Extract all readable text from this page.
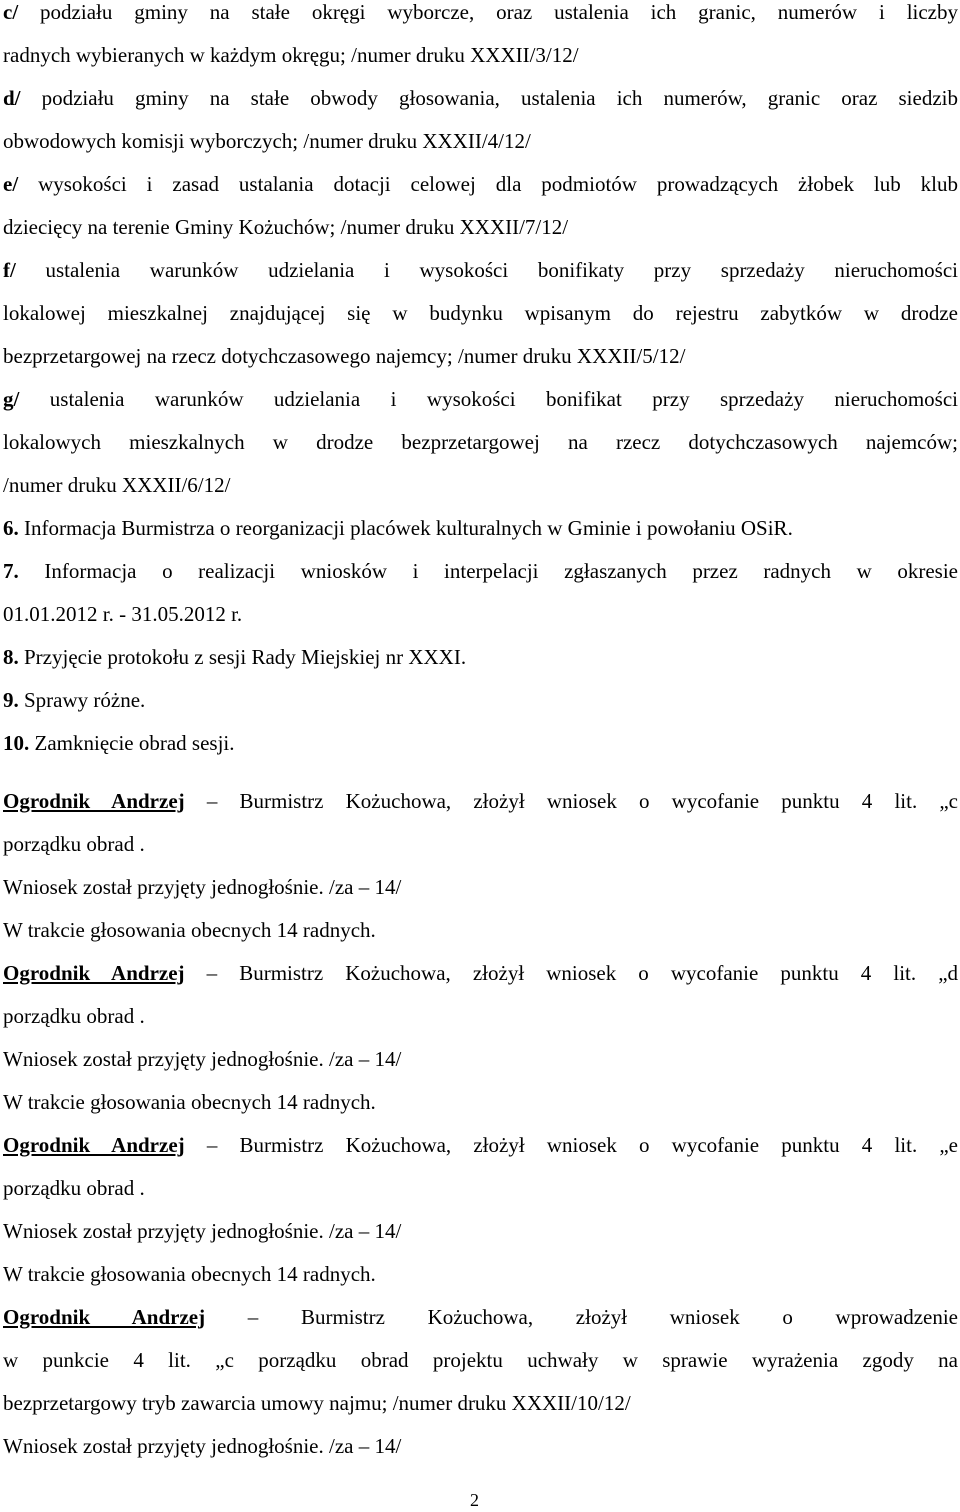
c/ podziału gminy na stałe okręgi wyborcze, oraz ustalenia ich granic, numerów i liczby
radnych wybieranych w każdym okręgu; /numer druku XXXII/3/12/
d/ podziału gminy na stałe obwody głosowania, ustalenia ich numerów, granic oraz siedzib
obwodowych komisji wyborczych; /numer druku XXXII/4/12/
e/ wysokości i zasad ustalania dotacji celowej dla podmiotów prowadzących żłobek lub klub
dziecięcy na terenie Gminy Kożuchów; /numer druku XXXII/7/12/
f/ ustalenia warunków udzielania i wysokości bonifikaty przy sprzedaży nieruchomości
lokalowej mieszkalnej znajdującej się w budynku wpisanym do rejestru zabytków w drodze
bezprzetargowej na rzecz dotychczasowego najemcy; /numer druku XXXII/5/12/
g/ ustalenia warunków udzielania i wysokości bonifikat przy sprzedaży nieruchomości
lokalowych mieszkalnych w drodze bezprzetargowej na rzecz dotychczasowych najemców;
/numer druku XXXII/6/12/
6. Informacja Burmistrza o reorganizacji placówek kulturalnych w Gminie i powołaniu OSiR.
7. Informacja o realizacji wniosków i interpelacji zgłaszanych przez radnych w okresie
01.01.2012 r. - 31.05.2012 r.
8. Przyjęcie protokołu z sesji Rady Miejskiej nr XXXI.
9. Sprawy różne.
10. Zamknięcie obrad sesji.
Ogrodnik Andrzej – Burmistrz Kożuchowa, złożył wniosek o wycofanie punktu 4 lit. „c
porządku obrad .
Wniosek został przyjęty jednogłośnie. /za – 14/
W trakcie głosowania obecnych 14 radnych.
Ogrodnik Andrzej – Burmistrz Kożuchowa, złożył wniosek o wycofanie punktu 4 lit. „d
porządku obrad .
Wniosek został przyjęty jednogłośnie. /za – 14/
W trakcie głosowania obecnych 14 radnych.
Ogrodnik Andrzej – Burmistrz Kożuchowa, złożył wniosek o wycofanie punktu 4 lit. „e
porządku obrad .
Wniosek został przyjęty jednogłośnie. /za – 14/
W trakcie głosowania obecnych 14 radnych.
Ogrodnik Andrzej – Burmistrz Kożuchowa, złożył wniosek o wprowadzenie
w punkcie 4 lit. „c porządku obrad projektu uchwały w sprawie wyrażenia zgody na
bezprzetargowy tryb zawarcia umowy najmu; /numer druku XXXII/10/12/
Wniosek został przyjęty jednogłośnie. /za – 14/
2
